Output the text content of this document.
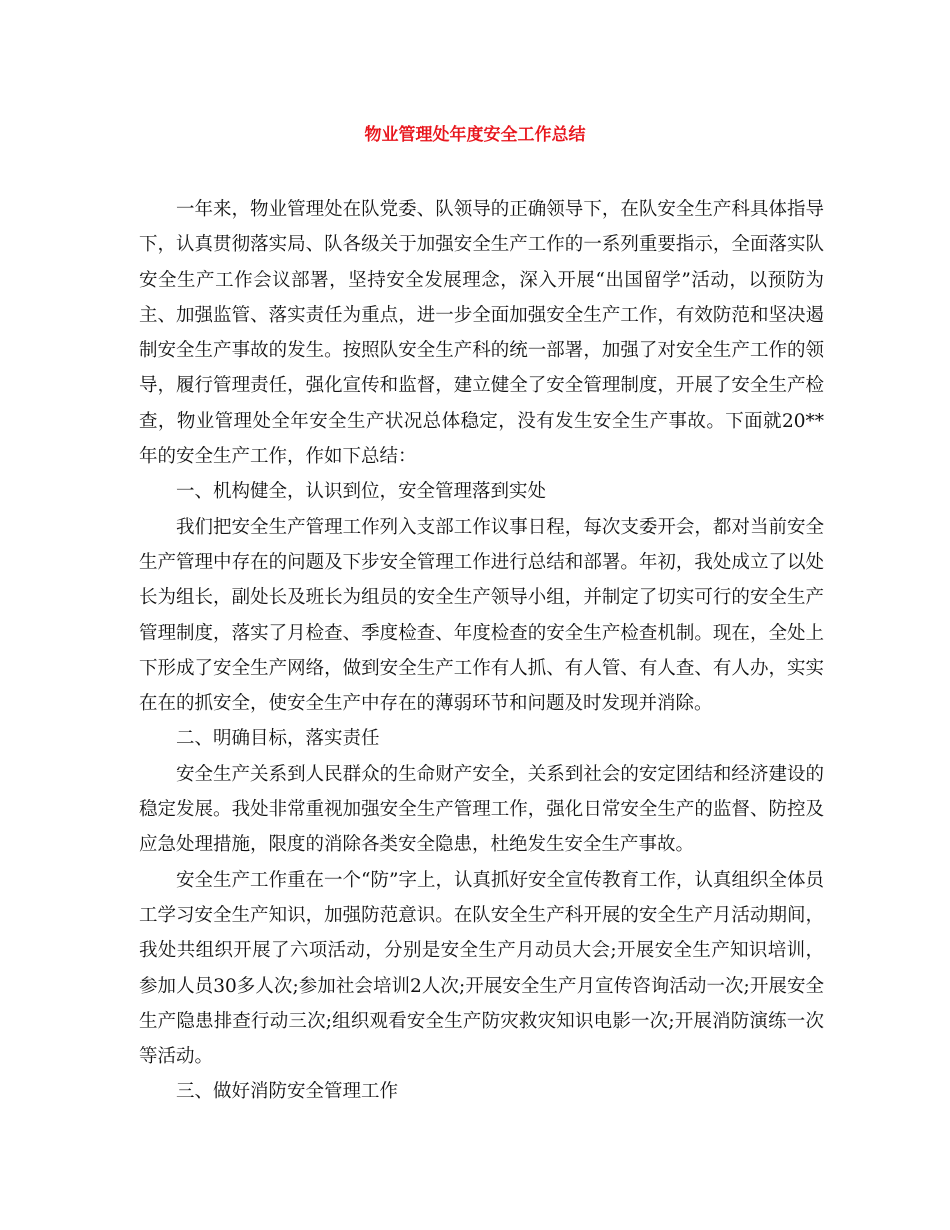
物业管理处年度安全工作总结

一年来，物业管理处在队党委、队领导的正确领导下，在队安全生产科具体指导下，认真贯彻落实局、队各级关于加强安全生产工作的一系列重要指示，全面落实队安全生产工作会议部署，坚持安全发展理念，深入开展“出国留学”活动，以预防为主、加强监管、落实责任为重点，进一步全面加强安全生产工作，有效防范和坚决遏制安全生产事故的发生。按照队安全生产科的统一部署，加强了对安全生产工作的领导，履行管理责任，强化宣传和监督，建立健全了安全管理制度，开展了安全生产检查，物业管理处全年安全生产状况总体稳定，没有发生安全生产事故。下面就20**年的安全生产工作，作如下总结：

一、机构健全，认识到位，安全管理落到实处

我们把安全生产管理工作列入支部工作议事日程，每次支委开会，都对当前安全生产管理中存在的问题及下步安全管理工作进行总结和部署。年初，我处成立了以处长为组长，副处长及班长为组员的安全生产领导小组，并制定了切实可行的安全生产管理制度，落实了月检查、季度检查、年度检查的安全生产检查机制。现在，全处上下形成了安全生产网络，做到安全生产工作有人抓、有人管、有人查、有人办，实实在在的抓安全，使安全生产中存在的薄弱环节和问题及时发现并消除。

二、明确目标，落实责任

安全生产关系到人民群众的生命财产安全，关系到社会的安定团结和经济建设的稳定发展。我处非常重视加强安全生产管理工作，强化日常安全生产的监督、防控及应急处理措施，限度的消除各类安全隐患，杜绝发生安全生产事故。

安全生产工作重在一个“防”字上，认真抓好安全宣传教育工作，认真组织全体员工学习安全生产知识，加强防范意识。在队安全生产科开展的安全生产月活动期间，我处共组织开展了六项活动，分别是安全生产月动员大会;开展安全生产知识培训，参加人员30多人次;参加社会培训2人次;开展安全生产月宣传咨询活动一次;开展安全生产隐患排查行动三次;组织观看安全生产防灾救灾知识电影一次;开展消防演练一次等活动。

三、做好消防安全管理工作
